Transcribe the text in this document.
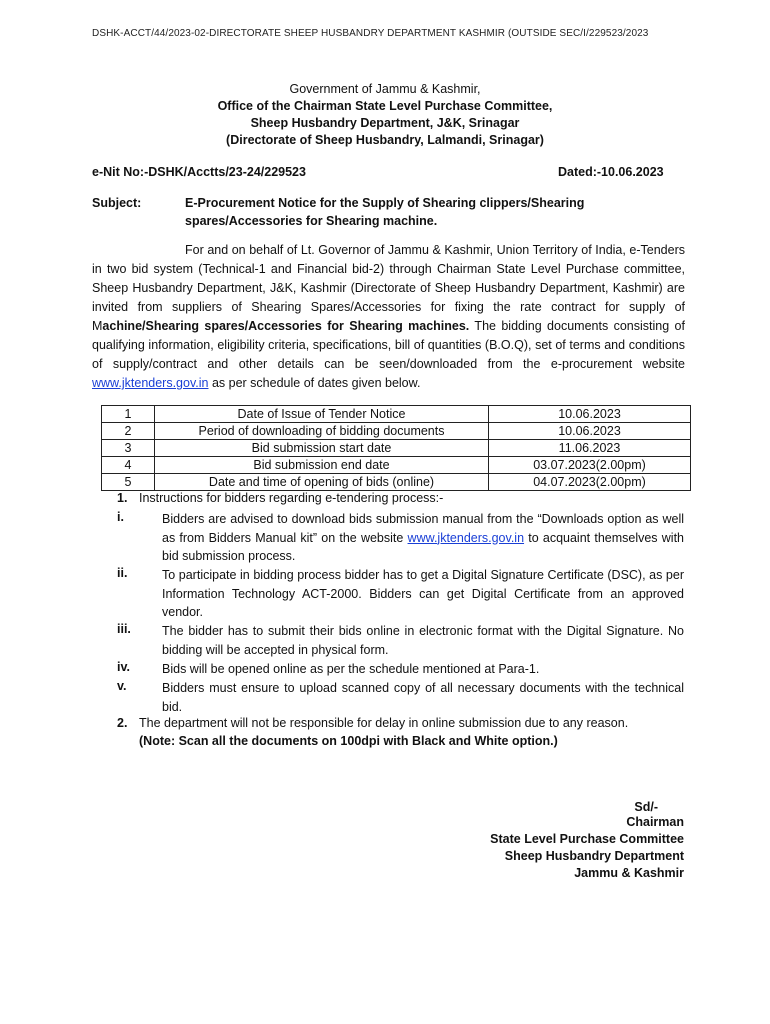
DSHK-ACCT/44/2023-02-DIRECTORATE SHEEP HUSBANDRY DEPARTMENT KASHMIR (OUTSIDE SEC/I/229523/2023
Government of Jammu & Kashmir,
Office of the Chairman State Level Purchase Committee,
Sheep Husbandry Department, J&K, Srinagar
(Directorate of Sheep Husbandry, Lalmandi, Srinagar)
e-Nit No:-DSHK/Acctts/23-24/229523	Dated:-10.06.2023
Subject:	E-Procurement Notice for the Supply of Shearing clippers/Shearing
spares/Accessories for Shearing machine.
For and on behalf of Lt. Governor of Jammu & Kashmir, Union Territory of India, e-Tenders in two bid system (Technical-1 and Financial bid-2) through Chairman State Level Purchase committee, Sheep Husbandry Department, J&K, Kashmir (Directorate of Sheep Husbandry Department, Kashmir) are invited from suppliers of Shearing Spares/Accessories for fixing the rate contract for supply of Machine/Shearing spares/Accessories for Shearing machines. The bidding documents consisting of qualifying information, eligibility criteria, specifications, bill of quantities (B.O.Q), set of terms and conditions of supply/contract and other details can be seen/downloaded from the e-procurement website www.jktenders.gov.in as per schedule of dates given below.
1	Date of Issue of Tender Notice	10.06.2023
2	Period of downloading of bidding documents	10.06.2023
3	Bid submission start date	11.06.2023
4	Bid submission end date	03.07.2023(2.00pm)
5	Date and time of opening of bids (online)	04.07.2023(2.00pm)
1. Instructions for bidders regarding e-tendering process:-
i.	Bidders are advised to download bids submission manual from the “Downloads option as well as from Bidders Manual kit” on the website www.jktenders.gov.in to acquaint themselves with bid submission process.
ii.	To participate in bidding process bidder has to get a Digital Signature Certificate (DSC), as per Information Technology ACT-2000. Bidders can get Digital Certificate from an approved vendor.
iii. The bidder has to submit their bids online in electronic format with the Digital Signature. No bidding will be accepted in physical form.
iv.	Bids will be opened online as per the schedule mentioned at Para-1.
v.	Bidders must ensure to upload scanned copy of all necessary documents with the technical bid.
2. The department will not be responsible for delay in online submission due to any reason.
(Note: Scan all the documents on 100dpi with Black and White option.)
Sd/-
Chairman
State Level Purchase Committee
Sheep Husbandry Department
Jammu & Kashmir
